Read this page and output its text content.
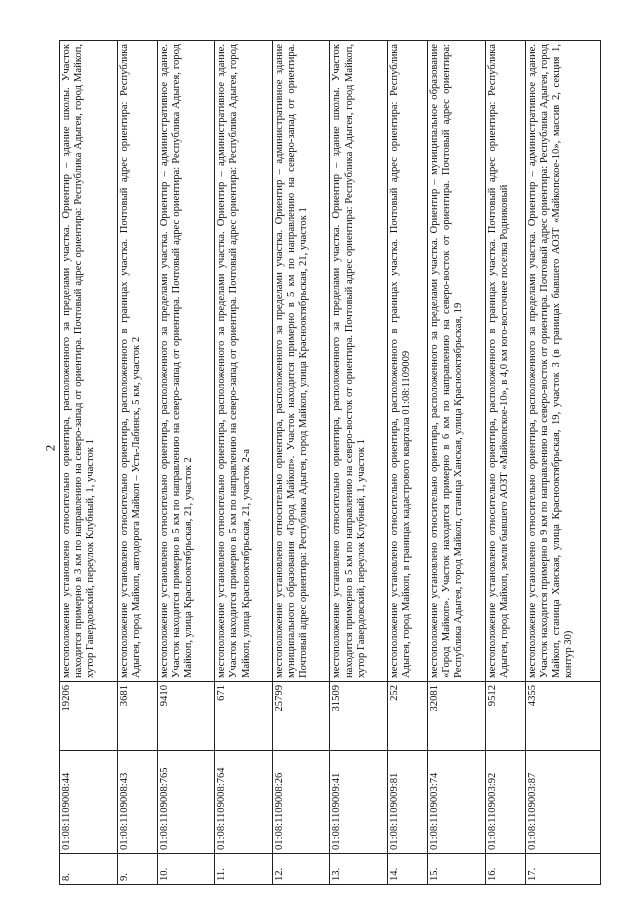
2
8.	01:08:1109008:44	19206	местоположение установлено относительно ориентира, расположенного за пределами участка. Ориентир – здание школы. Участок находится примерно в 3 км по направлению на северо-запад от ориентира. Почтовый адрес ориентира: Республика Адыгея, город Майкоп, хутор Гавердовский, переулок Клубный, 1, участок 1
9.	01:08:1109008:43	3681	местоположение установлено относительно ориентира, расположенного в границах участка. Почтовый адрес ориентира: Республика Адыгея, город Майкоп, автодорога Майкоп – Усть-Лабинск, 5 км, участок 2
10.	01:08:1109008:765	9410	местоположение установлено относительно ориентира, расположенного за пределами участка. Ориентир – административное здание. Участок находится примерно в 5 км по направлению на северо-запад от ориентира. Почтовый адрес ориентира: Республика Адыгея, город Майкоп, улица Краснооктябрьская, 21, участок 2
11.	01:08:1109008:764	671	местоположение установлено относительно ориентира, расположенного за пределами участка. Ориентир – административное здание. Участок находится примерно в 5 км по направлению на северо-запад от ориентира. Почтовый адрес ориентира: Республика Адыгея, город Майкоп, улица Краснооктябрьская, 21, участок 2-а
12.	01:08:1109008:26	25799	местоположение установлено относительно ориентира, расположенного за пределами участка. Ориентир – административное здание муниципального образования «Город Майкоп». Участок находится примерно в 5 км по направлению на северо-запад от ориентира. Почтовый адрес ориентира: Республика Адыгея, город Майкоп, улица Краснооктябрьская, 21, участок 1
13.	01:08:1109009:41	31509	местоположение установлено относительно ориентира, расположенного за пределами участка. Ориентир – здание школы. Участок находится примерно в 5 км по направлению на северо-восток от ориентира. Почтовый адрес ориентира: Республика Адыгея, город Майкоп, хутор Гавердовский, переулок Клубный, 1, участок 1
14.	01:08:1109009:81	252	местоположение установлено относительно ориентира, расположенного в границах участка. Почтовый адрес ориентира: Республика Адыгея, город Майкоп, в границах кадастрового квартала 01:08:1109009
15.	01:08:1109003:74	32081	местоположение установлено относительно ориентира, расположенного за пределами участка. Ориентир – муниципальное образование «Город Майкоп». Участок находится примерно в 6 км по направлению на северо-восток от ориентира. Почтовый адрес ориентира: Республика Адыгея, город Майкоп, станица Ханская, улица Краснооктябрьская, 19
16.	01:08:1109003:92	9512	местоположение установлено относительно ориентира, расположенного в границах участка. Почтовый адрес ориентира: Республика Адыгея, город Майкоп, земли бывшего АОЗТ «Майкопское-10», в 4,0 км юго-восточнее поселка Родниковый
17.	01:08:1109003:87	4355	местоположение установлено относительно ориентира, расположенного за пределами участка. Ориентир – административное здание. Участок находится примерно в 9 км по направлению на северо-восток от ориентира. Почтовый адрес ориентира: Республика Адыгея, город Майкоп, станица Ханская, улица Краснооктябрьская, 19, участок 3 (в границах бывшего АОЗТ «Майкопское-10», массив 2, секция 1, контур 30)
